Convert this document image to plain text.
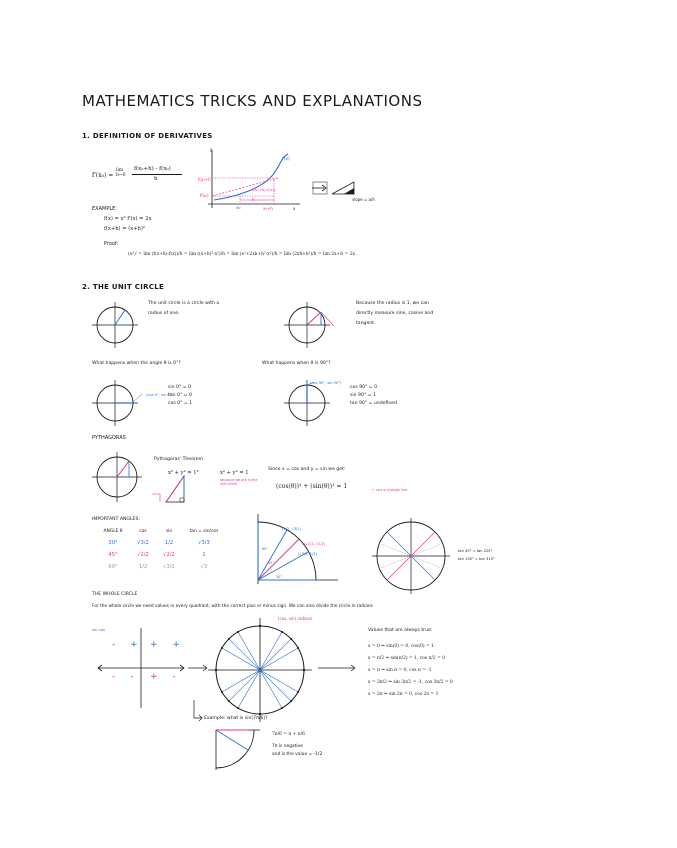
MATHEMATICS TRICKS AND EXPLANATIONS
1. DEFINITION OF DERIVATIVES
f'(x₀) =
lim h→0
f(x₀+h) - f(x₀)
h
f(x)
f(x₀+h)
f(x₀)
f(x₀+h)-f(x₀)
x₀	x₀+h
h
y
x
slope = a/h
EXAMPLE:
f(x) = x² f'(x) = 2x
f(x+h) = (x+h)²
Proof:
(x²)' = lim (f(x+h)-f(x))/h = lim ((x+h)²-x²)/h = lim (x²+2xh+h²-x²)/h = lim (2xh+h²)/h = lim 2x+h = 2x
2. THE UNIT CIRCLE
The unit circle is a circle with a
radius of one.
Because the radius is 1, we can
directly measure sine, cosine and
tangent.
What happens when the angle θ is 0°?	What happens when θ is 90°?
(cos 0°, sin 0°)
sin 0° = 0
tan 0° = 0
cos 0° = 1
(cos 90°, sin 90°)
cos 90° = 0
sin 90° = 1
tan 90° = undefined
PYTHAGORAS
Pythagoras' Theorem
x² + y² = 1²	x² + y² = 1
because we are in the unit circle
Since x = cos and y = sin we get:
(cos(θ))² + (sin(θ))² = 1	← not a change line
IMPORTANT ANGLES:
ANGLE θ	cos	sin	tan = sin/cos
30°	√3/2	1/2	√3/3
45°	√2/2	√2/2	1
60°	1/2	√3/2	√3
(√3/2, 1/2)
(√2/2, √2/2)
(1/2, √3/2)
30°
45°
60°	tan 45° = tan 225°
tan 135° = tan 315°
THE WHOLE CIRCLE
For the whole circle we need values in every quadrant, with the correct plus or minus sign. We can also divide the circle in radians
(cos, sin) radians
sin cos
+ +
- +
- - + -
Values that are always true:
x = 0 ⇒ sin(0) = 0, cos(0) = 1
x = π/2 ⇒ sin(π/2) = 1, cos π/2 = 0
x = π ⇒ sin π = 0, cos π = -1
x = 3π/2 ⇒ sin 3π/2 = -1, cos 3π/2 = 0
x = 2π ⇒ sin 2π = 0, cos 2π = 1
Example: what is sin(7π/6)?
7π/6 = π + π/6
7π is negative
and is the value = -1/2
